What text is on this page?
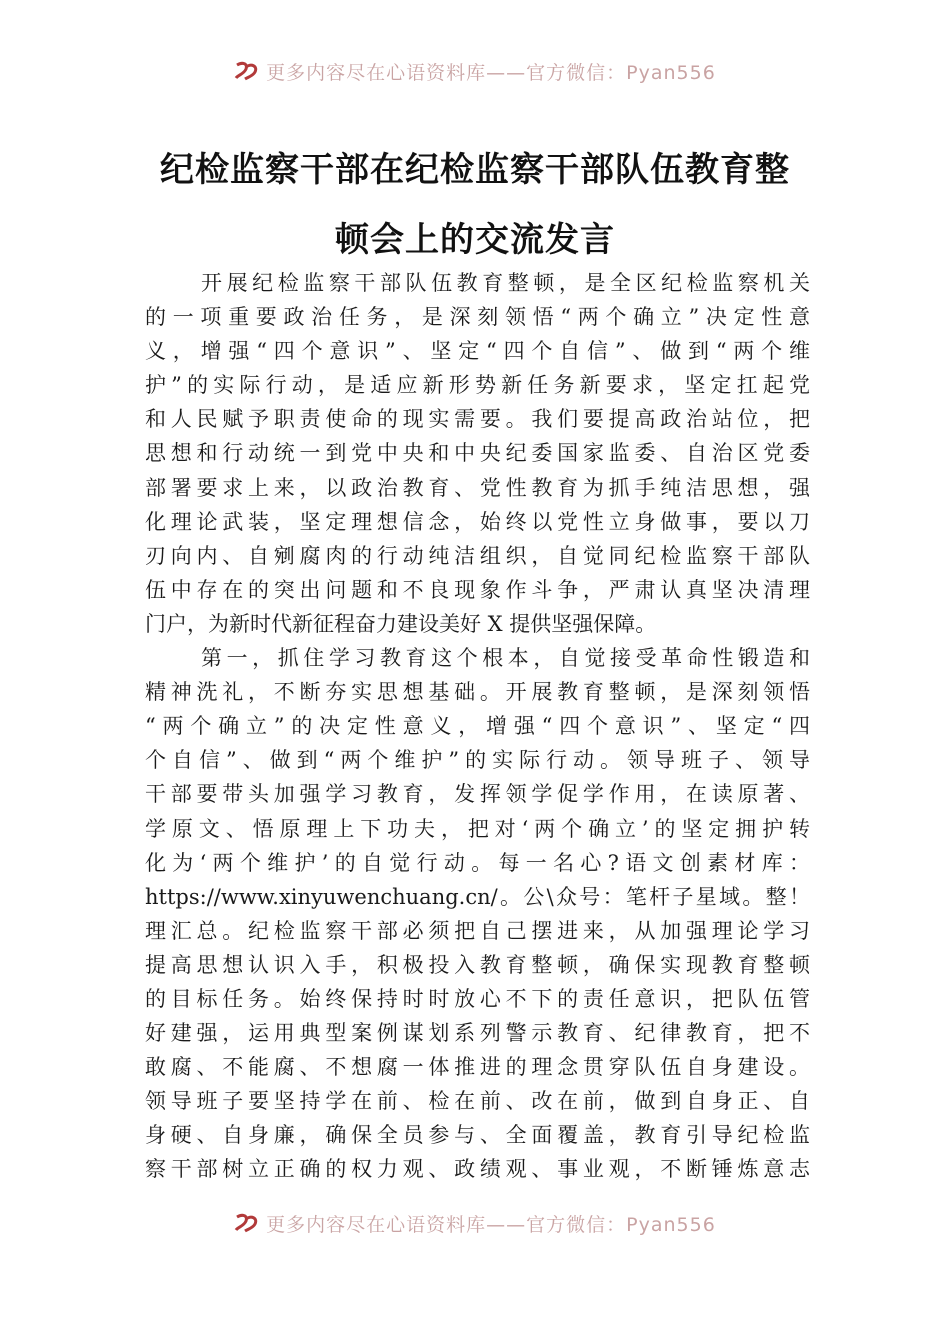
更多内容尽在心语资料库——官方微信：Pyan556
纪检监察干部在纪检监察干部队伍教育整
顿会上的交流发言
开展纪检监察干部队伍教育整顿，是全区纪检监察机关
的一项重要政治任务，是深刻领悟“两个确立”决定性意
义，增强“四个意识”、坚定“四个自信”、做到“两个维
护”的实际行动，是适应新形势新任务新要求，坚定扛起党
和人民赋予职责使命的现实需要。我们要提高政治站位，把
思想和行动统一到党中央和中央纪委国家监委、自治区党委
部署要求上来，以政治教育、党性教育为抓手纯洁思想，强
化理论武装，坚定理想信念，始终以党性立身做事，要以刀
刃向内、自剜腐肉的行动纯洁组织，自觉同纪检监察干部队
伍中存在的突出问题和不良现象作斗争，严肃认真坚决清理
门户，为新时代新征程奋力建设美好 X 提供坚强保障。
第一，抓住学习教育这个根本，自觉接受革命性锻造和
精神洗礼，不断夯实思想基础。开展教育整顿，是深刻领悟
“两个确立”的决定性意义，增强“四个意识”、坚定“四
个自信”、做到“两个维护”的实际行动。领导班子、领导
干部要带头加强学习教育，发挥领学促学作用，在读原著、
学原文、悟原理上下功夫，把对‘两个确立’的坚定拥护转
化为‘两个维护’的自觉行动。每一名心?语文创素材库：
https://www.xinyuwenchuang.cn/。公\众号：笔杆子星域。整！
理汇总。纪检监察干部必须把自己摆进来，从加强理论学习
提高思想认识入手，积极投入教育整顿，确保实现教育整顿
的目标任务。始终保持时时放心不下的责任意识，把队伍管
好建强，运用典型案例谋划系列警示教育、纪律教育，把不
敢腐、不能腐、不想腐一体推进的理念贯穿队伍自身建设。
领导班子要坚持学在前、检在前、改在前，做到自身正、自
身硬、自身廉，确保全员参与、全面覆盖，教育引导纪检监
察干部树立正确的权力观、政绩观、事业观，不断锤炼意志
更多内容尽在心语资料库——官方微信：Pyan556
